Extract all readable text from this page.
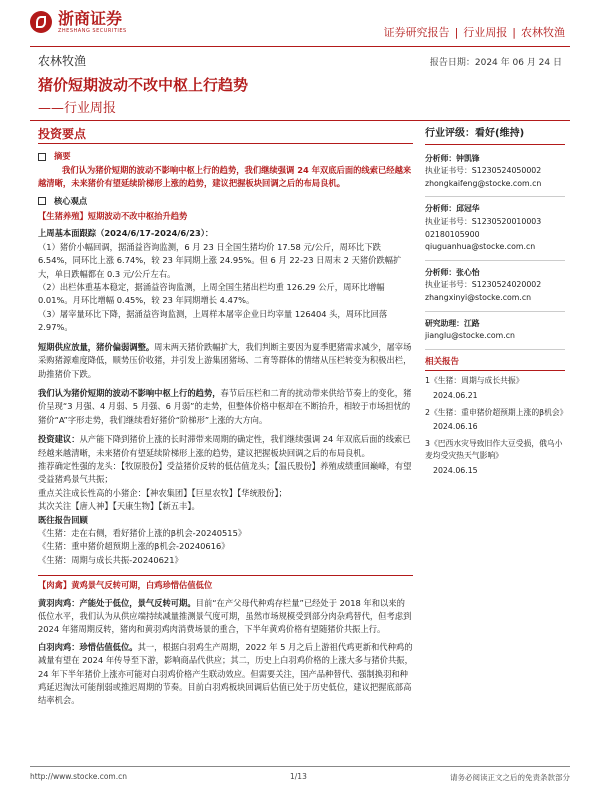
浙商证券
ZHESHANG SECURITIES	证券研究报告 | 行业周报 | 农林牧渔
农林牧渔	报告日期：2024 年 06 月 24 日
猪价短期波动不改中枢上行趋势
——行业周报
投资要点
摘要

我们认为猪价短期的波动不影响中枢上行的趋势，我们继续强调 24 年双底后面的线索已经越来越清晰，未来猪价有望延续阶梯形上涨的趋势，建议把握板块回调之后的布局良机。

核心观点

【生猪养殖】短期波动不改中枢抬升趋势

上周基本面跟踪（2024/6/17-2024/6/23）：

（1）猪价小幅回调，据涌益咨询监测，6 月 23 日全国生猪均价 17.58 元/公斤，周环比下跌 6.54%，同环比上涨 6.74%，较 23 年同期上涨 24.95%。但 6 月 22-23 日周末 2 天猪价跌幅扩大，单日跌幅都在 0.3 元/公斤左右。

（2）出栏体重基本稳定，据涌益咨询监测，上周全国生猪出栏均重 126.29 公斤，周环比增幅 0.01%。月环比增幅 0.45%，较 23 年同期增长 4.47%。

（3）屠宰量环比下降，据涌益咨询监测，上周样本屠宰企业日均宰量 126404 头，周环比回落 2.97%。

短期供应放量，猪价偏弱调整。周末两天猪价跌幅扩大，我们判断主要因为夏季肥猪需求减少，屠宰场采购猪源难度降低，顺势压价收猪，并引发上游集团猪场、二育等群体的情绪从压栏转变为积极出栏，助推猪价下跌。

我们认为猪价短期的波动不影响中枢上行的趋势，春节后压栏和二育的扰动带来供给节奏上的变化，猪价呈现“3 月强、4 月弱、5 月强、6 月弱”的走势，但整体价格中枢却在不断抬升，相较于市场担忧的猪价“A”字形走势，我们继续看好猪价“阶梯形”上涨的大方向。

投资建议：从产能下降到猪价上涨的长时滞带来周期的确定性，我们继续强调 24 年双底后面的线索已经越来越清晰，未来猪价有望延续阶梯形上涨的趋势，建议把握板块回调之后的布局良机。

推荐确定性强的龙头：【牧原股份】受益猪价反转的低估值龙头；【温氏股份】养殖成绩重回巅峰，有望受益猪鸡景气共振；

重点关注成长性高的小猪企：【神农集团】【巨星农牧】【华统股份】；

其次关注【唐人神】【天康生物】【新五丰】。

既往报告回顾

《生猪：走在右侧，看好猪价上涨的β机会-20240515》

《生猪：重申猪价超预期上涨的β机会-20240616》

《生猪：周期与成长共振-20240621》

【肉禽】黄鸡景气反转可期，白鸡珍惜估值低位

黄羽肉鸡：产能处于低位，景气反转可期。目前“在产父母代种鸡存栏量”已经处于 2018 年和以来的低位水平，我们认为从供应端持续减量推测景气度可期，虽然市场规模受到部分肉杂鸡替代，但考虑到 2024 年猪周期反转，猪肉和黄羽鸡肉消费场景的重合，下半年黄鸡价格有望随猪价共振上行。

白羽肉鸡：珍惜估值低位。其一，根据白羽鸡生产周期，2022 年 5 月之后上游祖代鸡更新和代种鸡的减量有望在 2024 年传导至下游，影响商品代供应；其二，历史上白羽鸡价格的上涨大多与猪价共振，24 年下半年猪价上涨亦可能对白羽鸡价格产生联动效应。但需要关注，国产品种替代、强制换羽和种鸡延迟淘汰可能削弱或推迟周期的节奏。目前白羽鸡板块回调后估值已处于历史低位，建议把握底部高结率机会。

行业评级：看好(维持)
分析师：钟凯锋
执业证书号：S1230524050002
zhongkaifeng@stocke.com.cn
分析师：邱冠华
执业证书号：S1230520010003
02180105900
qiuguanhua@stocke.com.cn
分析师：张心怡
执业证书号：S1230524020002
zhangxinyi@stocke.com.cn
研究助理：江路
jianglu@stocke.com.cn
相关报告
1《生猪：周期与成长共振》
2024.06.21
2《生猪：重申猪价超预期上涨的β机会》
2024.06.16
3《巴西水灾导致旧作大豆受损，俄乌小麦均受灾热天气影响》
2024.06.15
http://www.stocke.com.cn	1/13	请务必阅读正文之后的免责条款部分
